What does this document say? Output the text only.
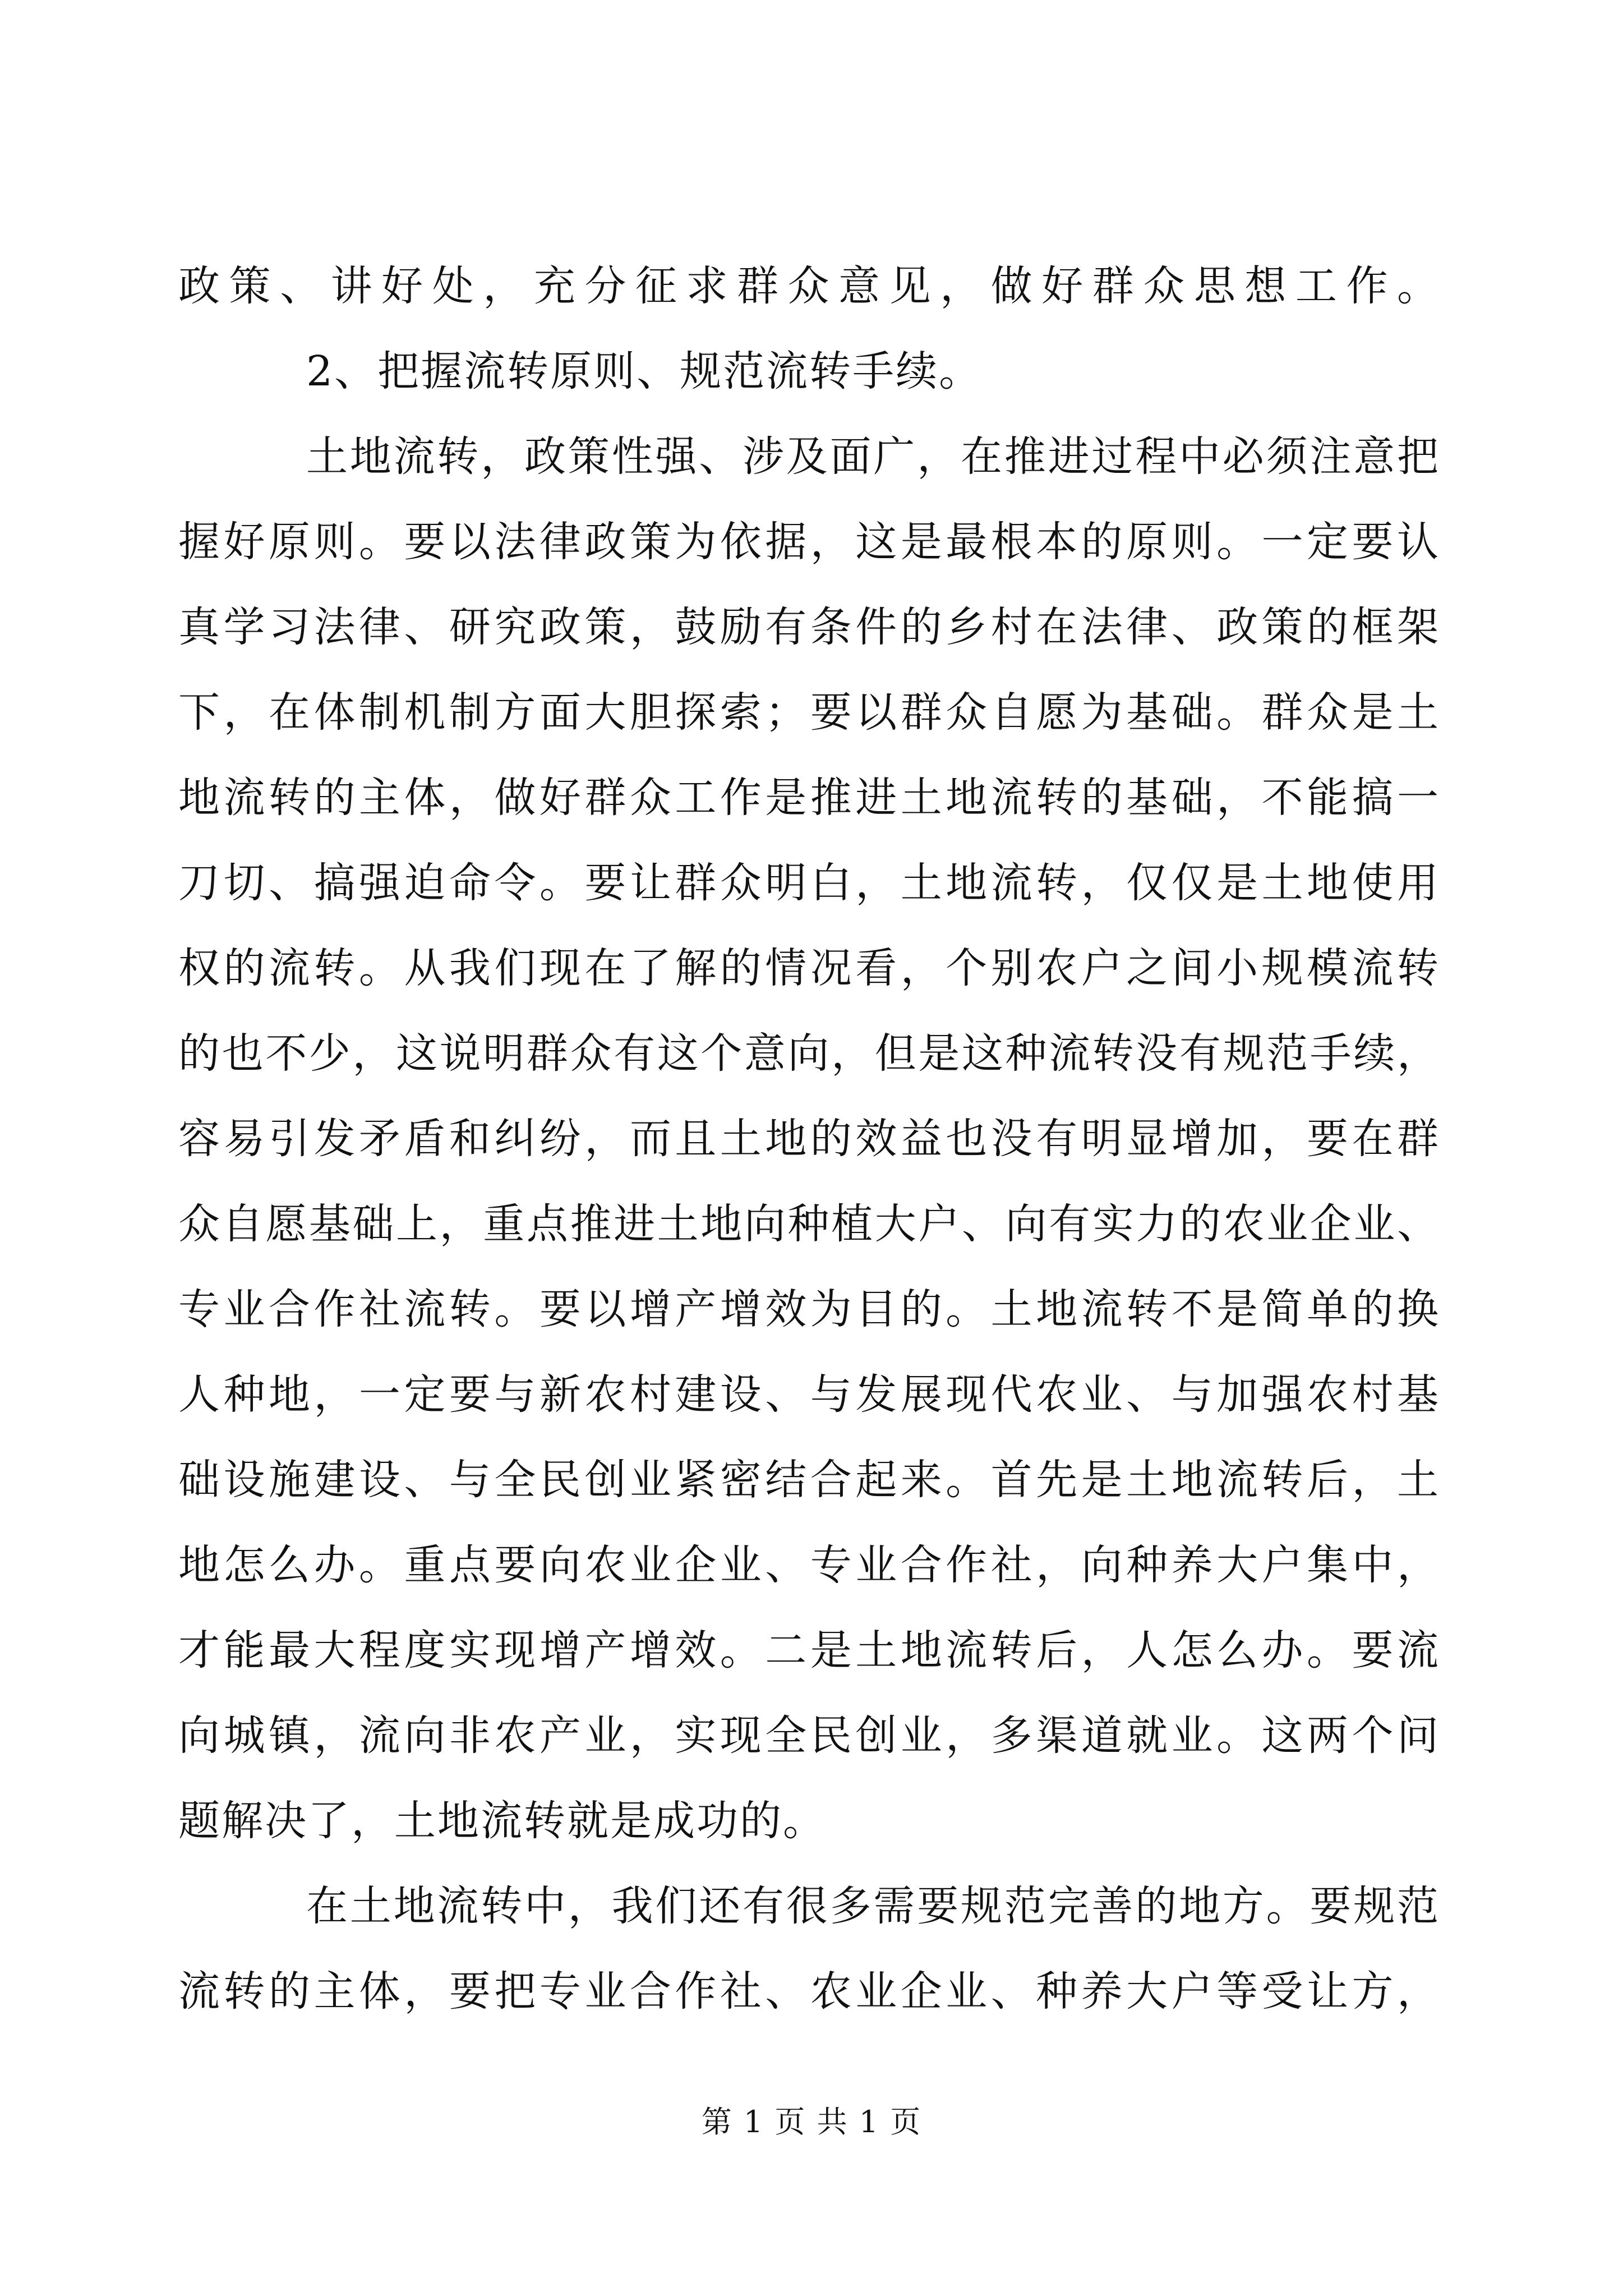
政策、讲好处，充分征求群众意见，做好群众思想工作。
2、把握流转原则、规范流转手续。
土地流转，政策性强、涉及面广，在推进过程中必须注意把
握好原则。要以法律政策为依据，这是最根本的原则。一定要认
真学习法律、研究政策，鼓励有条件的乡村在法律、政策的框架
下，在体制机制方面大胆探索；要以群众自愿为基础。群众是土
地流转的主体，做好群众工作是推进土地流转的基础，不能搞一
刀切、搞强迫命令。要让群众明白，土地流转，仅仅是土地使用
权的流转。从我们现在了解的情况看，个别农户之间小规模流转
的也不少，这说明群众有这个意向，但是这种流转没有规范手续，
容易引发矛盾和纠纷，而且土地的效益也没有明显增加，要在群
众自愿基础上，重点推进土地向种植大户、向有实力的农业企业、
专业合作社流转。要以增产增效为目的。土地流转不是简单的换
人种地，一定要与新农村建设、与发展现代农业、与加强农村基
础设施建设、与全民创业紧密结合起来。首先是土地流转后，土
地怎么办。重点要向农业企业、专业合作社，向种养大户集中，
才能最大程度实现增产增效。二是土地流转后，人怎么办。要流
向城镇，流向非农产业，实现全民创业，多渠道就业。这两个问
题解决了，土地流转就是成功的。
在土地流转中，我们还有很多需要规范完善的地方。要规范
流转的主体，要把专业合作社、农业企业、种养大户等受让方，
第 1 页 共 1 页
